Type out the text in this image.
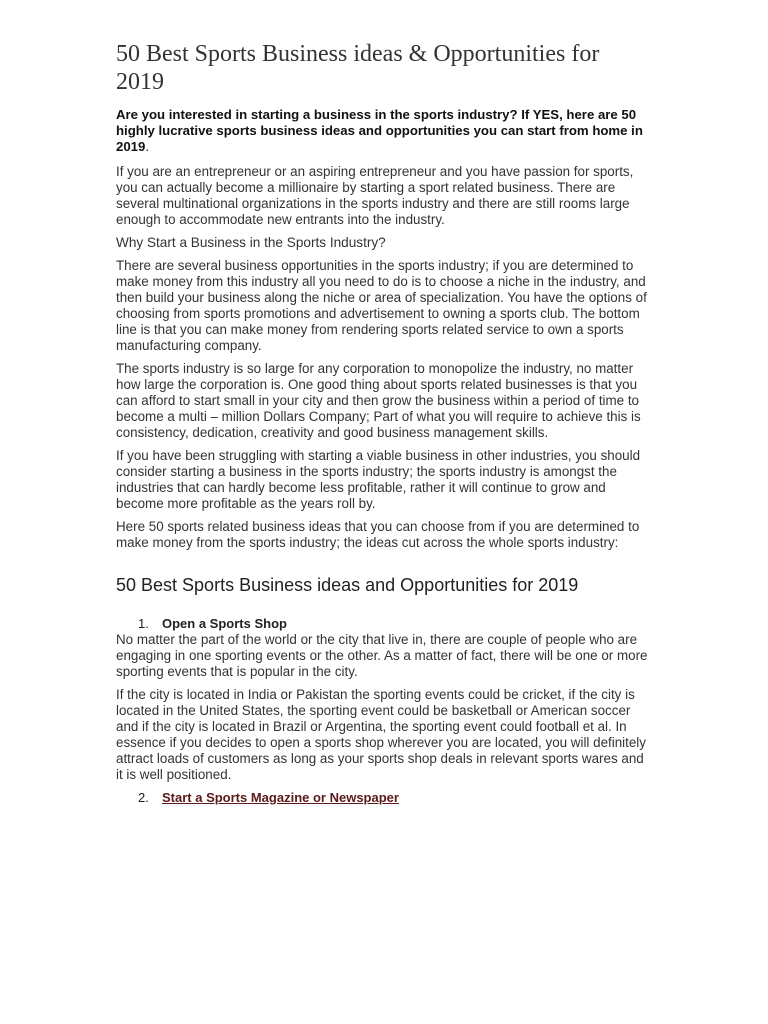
50 Best Sports Business ideas & Opportunities for 2019

Are you interested in starting a business in the sports industry? If YES, here are 50 highly lucrative sports business ideas and opportunities you can start from home in 2019.

If you are an entrepreneur or an aspiring entrepreneur and you have passion for sports, you can actually become a millionaire by starting a sport related business. There are several multinational organizations in the sports industry and there are still rooms large enough to accommodate new entrants into the industry.

Why Start a Business in the Sports Industry?

There are several business opportunities in the sports industry; if you are determined to make money from this industry all you need to do is to choose a niche in the industry, and then build your business along the niche or area of specialization. You have the options of choosing from sports promotions and advertisement to owning a sports club. The bottom line is that you can make money from rendering sports related service to own a sports manufacturing company.

The sports industry is so large for any corporation to monopolize the industry, no matter how large the corporation is. One good thing about sports related businesses is that you can afford to start small in your city and then grow the business within a period of time to become a multi – million Dollars Company; Part of what you will require to achieve this is consistency, dedication, creativity and good business management skills.

If you have been struggling with starting a viable business in other industries, you should consider starting a business in the sports industry; the sports industry is amongst the industries that can hardly become less profitable, rather it will continue to grow and become more profitable as the years roll by.

Here 50 sports related business ideas that you can choose from if you are determined to make money from the sports industry; the ideas cut across the whole sports industry:

50 Best Sports Business ideas and Opportunities for 2019
1. Open a Sports Shop

No matter the part of the world or the city that live in, there are couple of people who are engaging in one sporting events or the other. As a matter of fact, there will be one or more sporting events that is popular in the city.

If the city is located in India or Pakistan the sporting events could be cricket, if the city is located in the United States, the sporting event could be basketball or American soccer and if the city is located in Brazil or Argentina, the sporting event could football et al. In essence if you decides to open a sports shop wherever you are located, you will definitely attract loads of customers as long as your sports shop deals in relevant sports wares and it is well positioned.

2. Start a Sports Magazine or Newspaper
